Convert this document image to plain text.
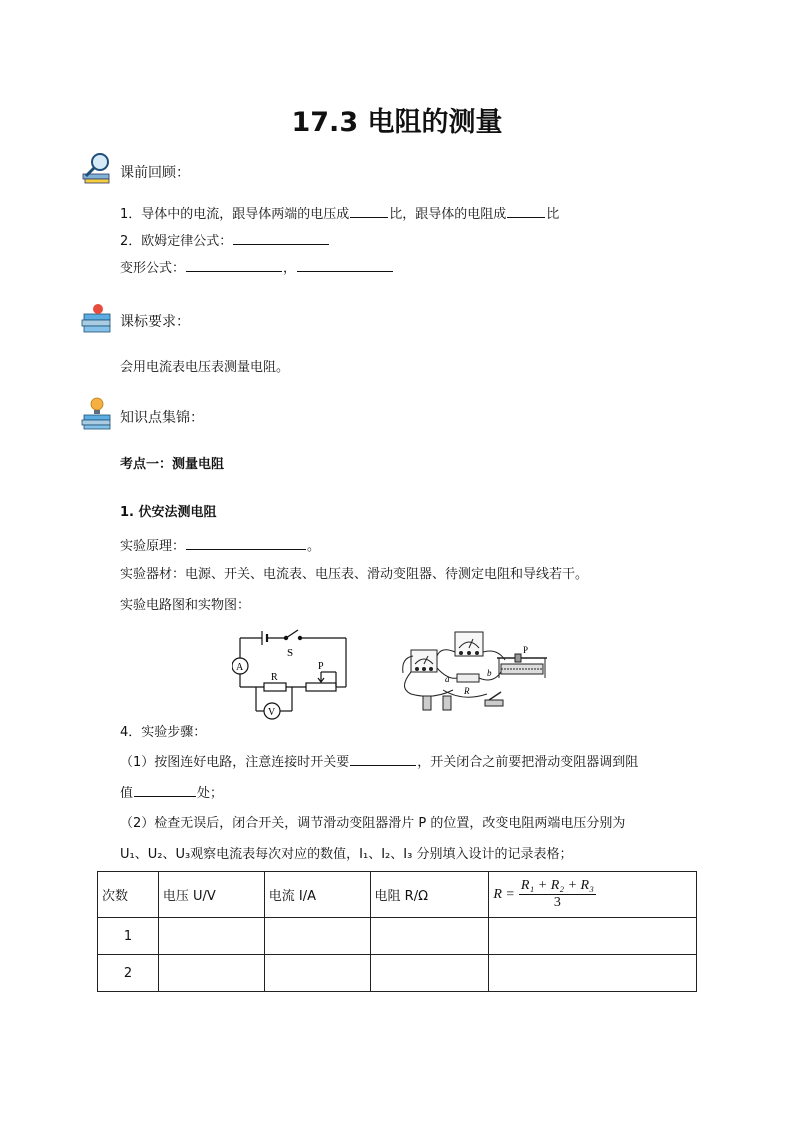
17.3 电阻的测量
课前回顾：
1．导体中的电流，跟导体两端的电压成	比，跟导体的电阻成	比
2．欧姆定律公式：
变形公式：	，
课标要求：
会用电流表电压表测量电阻。
知识点集锦：
考点一：测量电阻
1. 伏安法测电阻
实验原理：	。
实验器材：电源、开关、电流表、电压表、滑动变阻器、待测定电阻和导线若干。
实验电路图和实物图：
S
A
R
P
V
a
b
R
P
4．实验步骤：
（1）按图连好电路，注意连接时开关要	，开关闭合之前要把滑动变阻器调到阻
值	处；
（2）检查无误后，闭合开关，调节滑动变阻器滑片 P 的位置，改变电阻两端电压分别为
U₁、U₂、U₃观察电流表每次对应的数值，I₁、I₂、I₃ 分别填入设计的记录表格；
次数	电压 U/V	电流 I/A	电阻 R/Ω	$R = \frac{\text{R₁ + R₂ + R₃}}{3}$

1				
2				
